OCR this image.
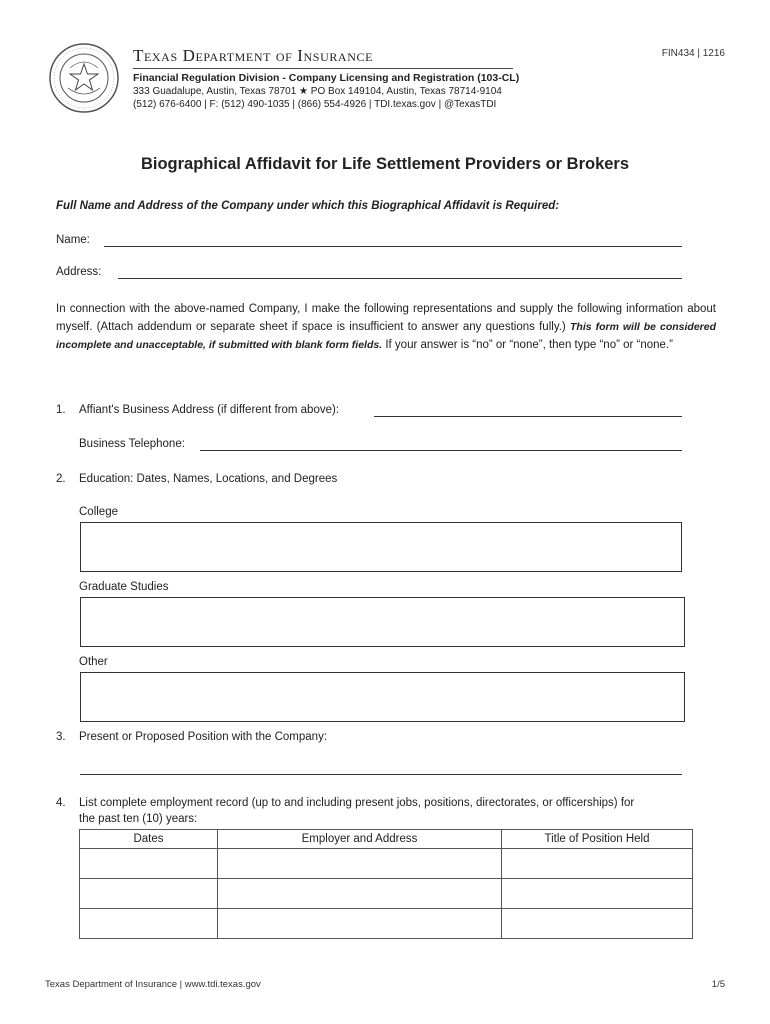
Texas Department of Insurance
Financial Regulation Division - Company Licensing and Registration (103-CL)
333 Guadalupe, Austin, Texas 78701 ★ PO Box 149104, Austin, Texas 78714-9104
(512) 676-6400 | F: (512) 490-1035 | (866) 554-4926 | TDI.texas.gov | @TexasTDI
FIN434 | 1216
Biographical Affidavit for Life Settlement Providers or Brokers
Full Name and Address of the Company under which this Biographical Affidavit is Required:
Name:
Address:
In connection with the above-named Company, I make the following representations and supply the following information about myself. (Attach addendum or separate sheet if space is insufficient to answer any questions fully.) This form will be considered incomplete and unacceptable, if submitted with blank form fields. If your answer is “no” or “none”, then type “no” or “none.”
1. Affiant's Business Address (if different from above):
Business Telephone:
2. Education: Dates, Names, Locations, and Degrees
College
Graduate Studies
Other
3. Present or Proposed Position with the Company:
4. List complete employment record (up to and including present jobs, positions, directorates, or officerships) for
the past ten (10) years:
Dates	Employer and Address	Title of Position Held

Texas Department of Insurance | www.tdi.texas.gov	1/5
